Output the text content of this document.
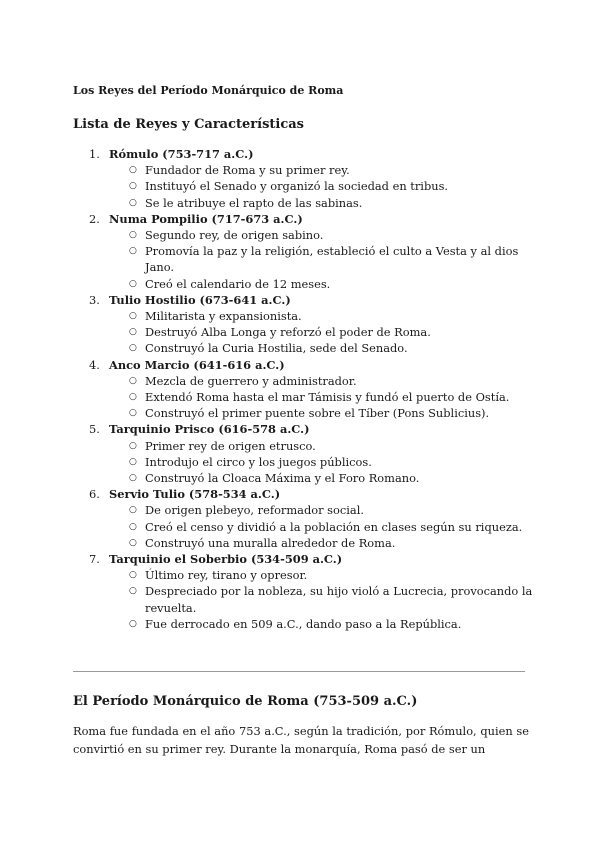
Los Reyes del Período Monárquico de Roma
Lista de Reyes y Características
1. Rómulo (753-717 a.C.)
○ Fundador de Roma y su primer rey.
○ Instituyó el Senado y organizó la sociedad en tribus.
○ Se le atribuye el rapto de las sabinas.
2. Numa Pompilio (717-673 a.C.)
○ Segundo rey, de origen sabino.
○ Promovía la paz y la religión, estableció el culto a Vesta y al dios Jano.
○ Creó el calendario de 12 meses.
3. Tulio Hostilio (673-641 a.C.)
○ Militarista y expansionista.
○ Destruyó Alba Longa y reforzó el poder de Roma.
○ Construyó la Curia Hostilia, sede del Senado.
4. Anco Marcio (641-616 a.C.)
○ Mezcla de guerrero y administrador.
○ Extendó Roma hasta el mar Támisis y fundó el puerto de Ostía.
○ Construyó el primer puente sobre el Tíber (Pons Sublicius).
5. Tarquinio Prisco (616-578 a.C.)
○ Primer rey de origen etrusco.
○ Introdujo el circo y los juegos públicos.
○ Construyó la Cloaca Máxima y el Foro Romano.
6. Servio Tulio (578-534 a.C.)
○ De origen plebeyo, reformador social.
○ Creó el censo y dividió a la población en clases según su riqueza.
○ Construyó una muralla alrededor de Roma.
7. Tarquinio el Soberbio (534-509 a.C.)
○ Último rey, tirano y opresor.
○ Despreciado por la nobleza, su hijo violó a Lucrecia, provocando la revuelta.
○ Fue derrocado en 509 a.C., dando paso a la República.
El Período Monárquico de Roma (753-509 a.C.)

Roma fue fundada en el año 753 a.C., según la tradición, por Rómulo, quien se convirtió en su primer rey. Durante la monarquía, Roma pasó de ser un
